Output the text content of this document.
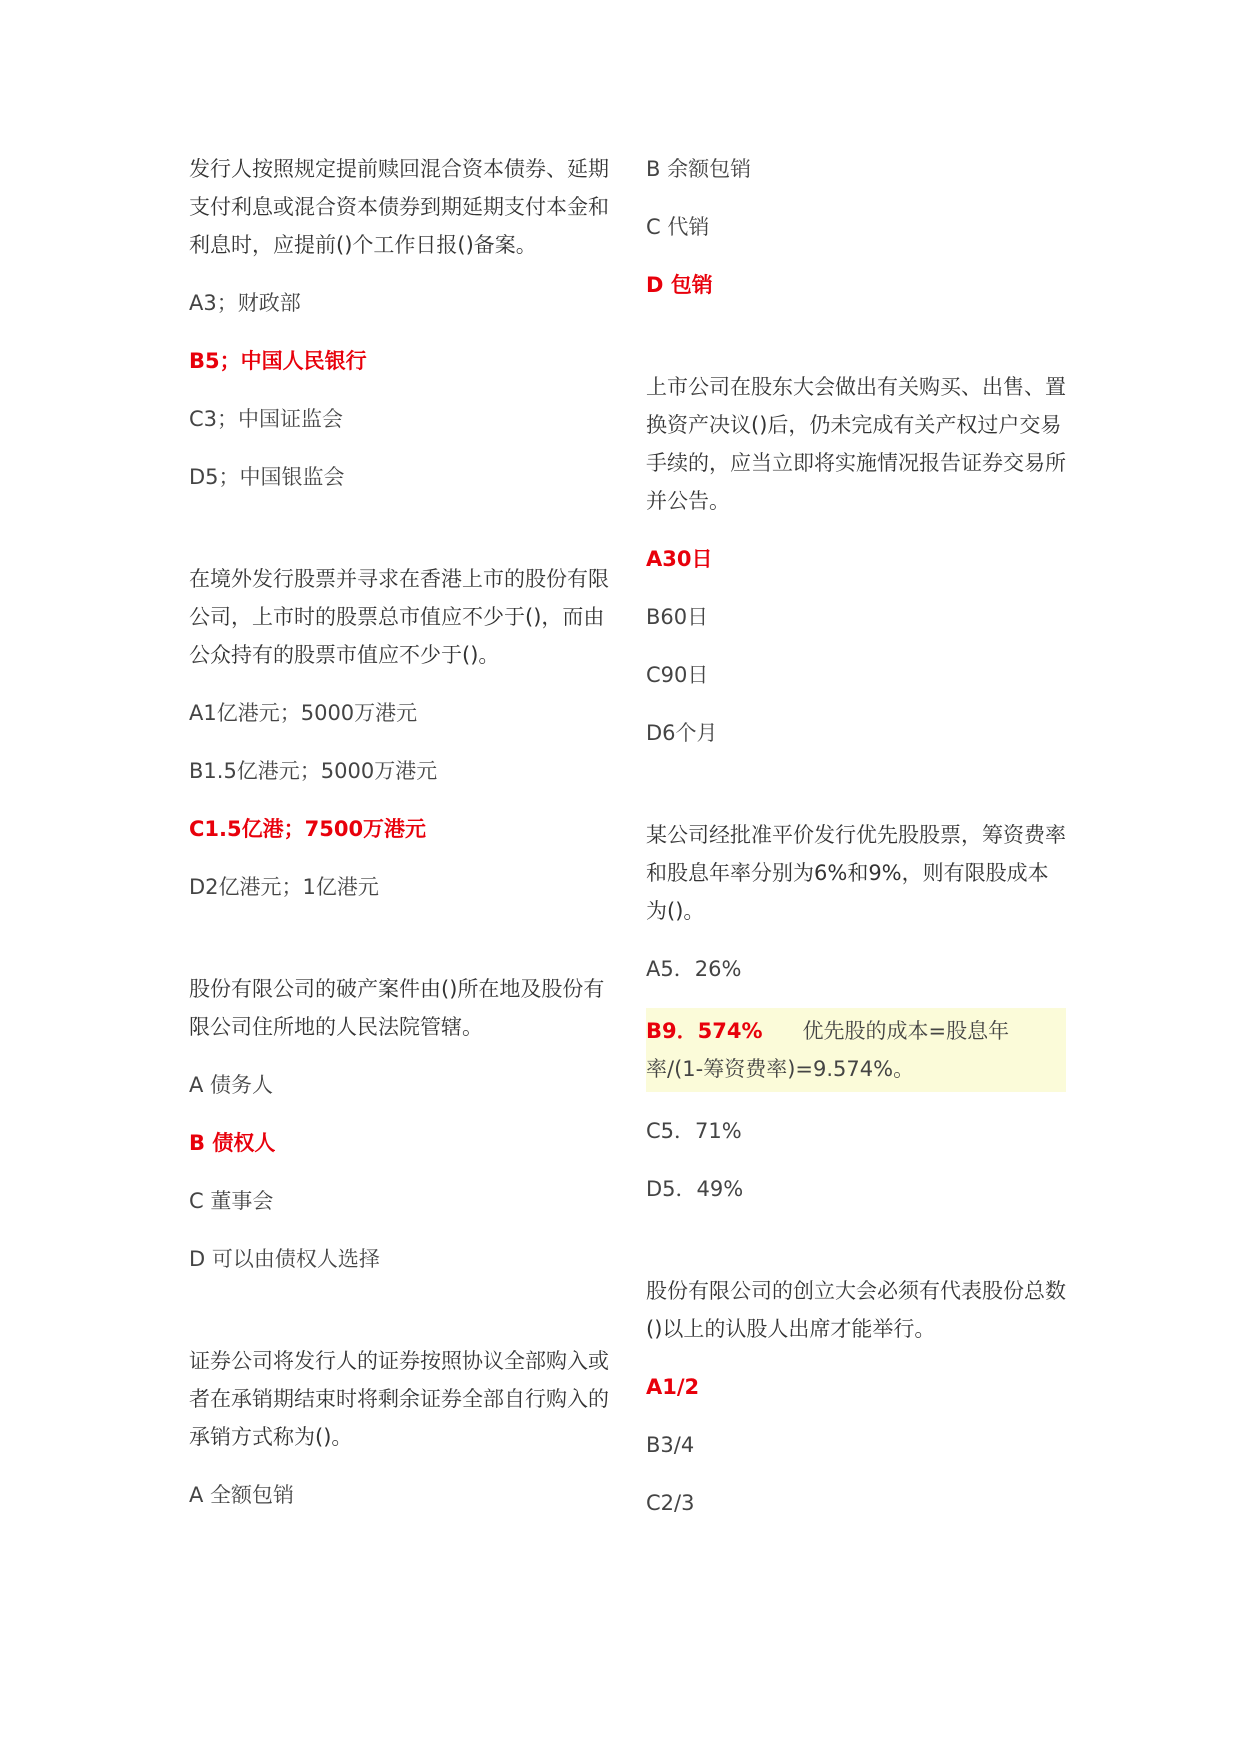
发行人按照规定提前赎回混合资本债券、延期支付利息或混合资本债券到期延期支付本金和利息时，应提前()个工作日报()备案。

A3；财政部

B5；中国人民银行

C3；中国证监会

D5；中国银监会

在境外发行股票并寻求在香港上市的股份有限公司，上市时的股票总市值应不少于()，而由公众持有的股票市值应不少于()。

A1亿港元；5000万港元

B1.5亿港元；5000万港元

C1.5亿港；7500万港元

D2亿港元；1亿港元

股份有限公司的破产案件由()所在地及股份有限公司住所地的人民法院管辖。

A 债务人

B 债权人

C 董事会

D 可以由债权人选择

证券公司将发行人的证券按照协议全部购入或者在承销期结束时将剩余证券全部自行购入的承销方式称为()。

A 全额包销

B 余额包销

C 代销

D 包销

上市公司在股东大会做出有关购买、出售、置换资产决议()后，仍未完成有关产权过户交易手续的，应当立即将实施情况报告证券交易所并公告。

A30日

B60日

C90日

D6个月

某公司经批准平价发行优先股股票，筹资费率和股息年率分别为6%和9%，则有限股成本为()。

A5．26%

B9．574% 优先股的成本=股息年率/(1-筹资费率)=9.574%。

C5．71%

D5．49%

股份有限公司的创立大会必须有代表股份总数()以上的认股人出席才能举行。

A1/2

B3/4

C2/3
